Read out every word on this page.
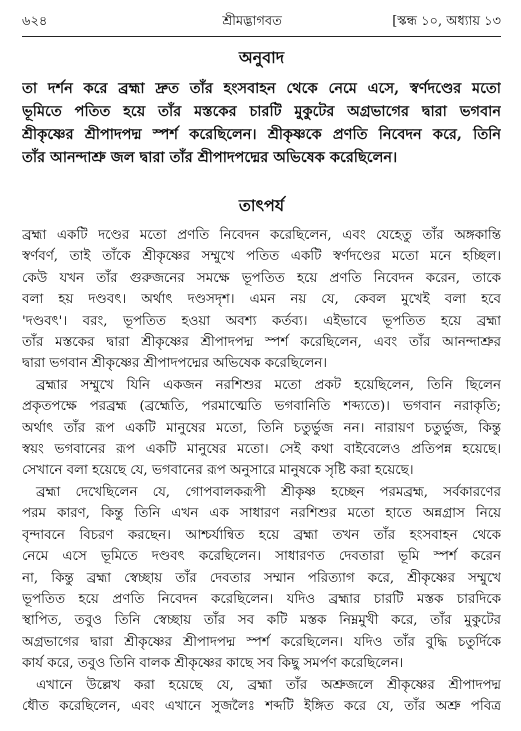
৬২৪	শ্রীমদ্ভাগবত	[স্কন্ধ ১০, অধ্যায় ১৩
অনুবাদ
তা দর্শন করে ব্রহ্মা দ্রুত তাঁর হংসবাহন থেকে নেমে এসে, স্বর্ণদণ্ডের মতো
ভূমিতে পতিত হয়ে তাঁর মস্তকের চারটি মুকুটের অগ্রভাগের দ্বারা ভগবান
শ্রীকৃষ্ণের শ্রীপাদপদ্ম স্পর্শ করেছিলেন। শ্রীকৃষ্ণকে প্রণতি নিবেদন করে, তিনি
তাঁর আনন্দাশ্রু জল দ্বারা তাঁর শ্রীপাদপদ্মের অভিষেক করেছিলেন।
তাৎপর্য
ব্রহ্মা একটি দণ্ডের মতো প্রণতি নিবেদন করেছিলেন, এবং যেহেতু তাঁর অঙ্গকান্তি
স্বর্ণবর্ণ, তাই তাঁকে শ্রীকৃষ্ণের সম্মুখে পতিত একটি স্বর্ণদণ্ডের মতো মনে হচ্ছিল।
কেউ যখন তাঁর গুরুজনের সমক্ষে ভূপতিত হয়ে প্রণতি নিবেদন করেন, তাকে
বলা হয় দণ্ডবৎ। অর্থাৎ দণ্ডসদৃশ। এমন নয় যে, কেবল মুখেই বলা হবে
'দণ্ডবৎ'। বরং, ভূপতিত হওয়া অবশ্য কর্তব্য। এইভাবে ভূপতিত হয়ে ব্রহ্মা
তাঁর মস্তকের দ্বারা শ্রীকৃষ্ণের শ্রীপাদপদ্ম স্পর্শ করেছিলেন, এবং তাঁর আনন্দাশ্রুর
দ্বারা ভগবান শ্রীকৃষ্ণের শ্রীপাদপদ্মের অভিষেক করেছিলেন।
ব্রহ্মার সম্মুখে যিনি একজন নরশিশুর মতো প্রকট হয়েছিলেন, তিনি ছিলেন
প্রকৃতপক্ষে পরব্রহ্ম (ব্রহ্মেতি, পরমাত্মেতি ভগবানিতি শব্দ্যতে)। ভগবান নরাকৃতি;
অর্থাৎ তাঁর রূপ একটি মানুষের মতো, তিনি চতুর্ভুজ নন। নারায়ণ চতুর্ভুজ, কিন্তু
স্বয়ং ভগবানের রূপ একটি মানুষের মতো। সেই কথা বাইবেলেও প্রতিপন্ন হয়েছে।
সেখানে বলা হয়েছে যে, ভগবানের রূপ অনুসারে মানুষকে সৃষ্টি করা হয়েছে।
ব্রহ্মা দেখেছিলেন যে, গোপবালকরূপী শ্রীকৃষ্ণ হচ্ছেন পরমব্রহ্ম, সর্বকারণের
পরম কারণ, কিন্তু তিনি এখন এক সাধারণ নরশিশুর মতো হাতে অন্নগ্রাস নিয়ে
বৃন্দাবনে বিচরণ করছেন। আশ্চর্যান্বিত হয়ে ব্রহ্মা তখন তাঁর হংসবাহন থেকে
নেমে এসে ভূমিতে দণ্ডবৎ করেছিলেন। সাধারণত দেবতারা ভূমি স্পর্শ করেন
না, কিন্তু ব্রহ্মা স্বেচ্ছায় তাঁর দেবতার সম্মান পরিত্যাগ করে, শ্রীকৃষ্ণের সম্মুখে
ভূপতিত হয়ে প্রণতি নিবেদন করেছিলেন। যদিও ব্রহ্মার চারটি মস্তক চারদিকে
স্থাপিত, তবুও তিনি স্বেচ্ছায় তাঁর সব কটি মস্তক নিম্নমুখী করে, তাঁর মুকুটের
অগ্রভাগের দ্বারা শ্রীকৃষ্ণের শ্রীপাদপদ্ম স্পর্শ করেছিলেন। যদিও তাঁর বুদ্ধি চতুর্দিকে
কার্য করে, তবুও তিনি বালক শ্রীকৃষ্ণের কাছে সব কিছু সমর্পণ করেছিলেন।
এখানে উল্লেখ করা হয়েছে যে, ব্রহ্মা তাঁর অশ্রুজলে শ্রীকৃষ্ণের শ্রীপাদপদ্ম
ধৌত করেছিলেন, এবং এখানে সুজলৈঃ শব্দটি ইঙ্গিত করে যে, তাঁর অশ্রু পবিত্র
